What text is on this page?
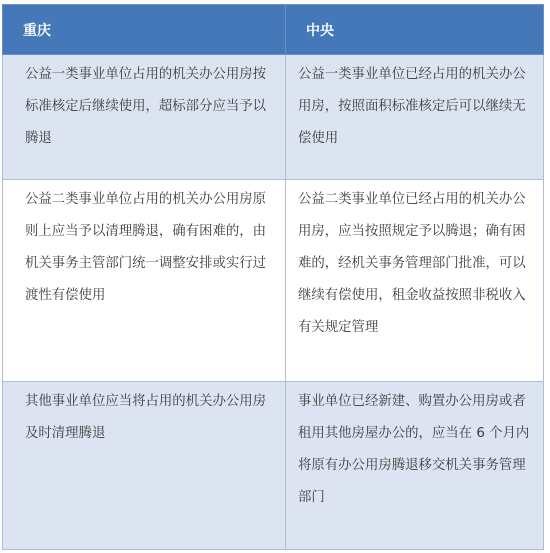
重庆	中央
公益一类事业单位占用的机关办公用房按标准核定后继续使用，超标部分应当予以腾退	公益一类事业单位已经占用的机关办公用房，按照面积标准核定后可以继续无偿使用
公益二类事业单位占用的机关办公用房原则上应当予以清理腾退，确有困难的，由机关事务主管部门统一调整安排或实行过渡性有偿使用	公益二类事业单位已经占用的机关办公用房，应当按照规定予以腾退；确有困难的，经机关事务管理部门批准，可以继续有偿使用，租金收益按照非税收入有关规定管理
其他事业单位应当将占用的机关办公用房及时清理腾退	事业单位已经新建、购置办公用房或者租用其他房屋办公的，应当在 6 个月内将原有办公用房腾退移交机关事务管理部门
